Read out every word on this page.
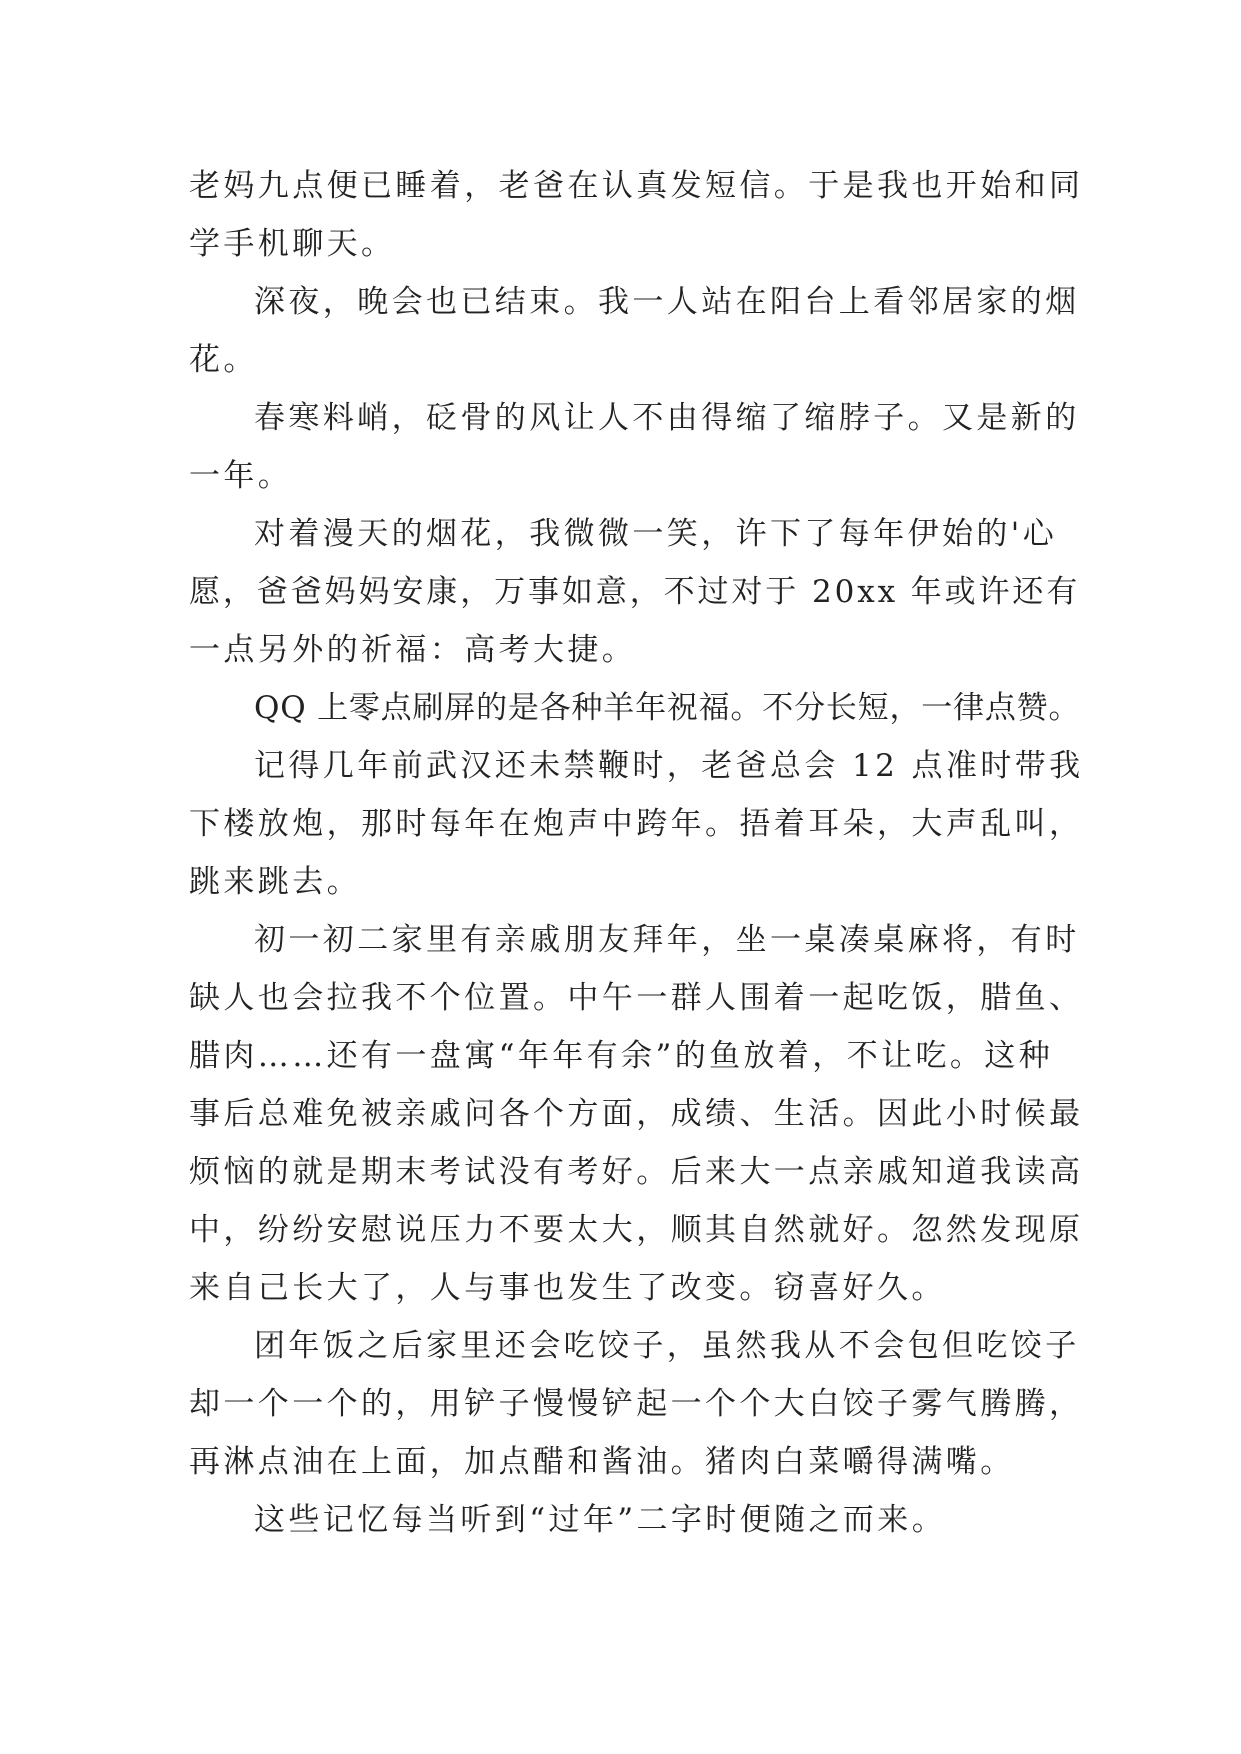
老妈九点便已睡着，老爸在认真发短信。于是我也开始和同

学手机聊天。

深夜，晚会也已结束。我一人站在阳台上看邻居家的烟

花。

春寒料峭，砭骨的风让人不由得缩了缩脖子。又是新的

一年。

对着漫天的烟花，我微微一笑，许下了每年伊始的'心

愿，爸爸妈妈安康，万事如意，不过对于 20xx 年或许还有

一点另外的祈福：高考大捷。

QQ 上零点刷屏的是各种羊年祝福。不分长短，一律点赞。

记得几年前武汉还未禁鞭时，老爸总会 12 点准时带我

下楼放炮，那时每年在炮声中跨年。捂着耳朵，大声乱叫，

跳来跳去。

初一初二家里有亲戚朋友拜年，坐一桌凑桌麻将，有时

缺人也会拉我不个位置。中午一群人围着一起吃饭，腊鱼、

腊肉……还有一盘寓“年年有余”的鱼放着，不让吃。这种

事后总难免被亲戚问各个方面，成绩、生活。因此小时候最

烦恼的就是期末考试没有考好。后来大一点亲戚知道我读高

中，纷纷安慰说压力不要太大，顺其自然就好。忽然发现原

来自己长大了，人与事也发生了改变。窃喜好久。

团年饭之后家里还会吃饺子，虽然我从不会包但吃饺子

却一个一个的，用铲子慢慢铲起一个个大白饺子雾气腾腾，

再淋点油在上面，加点醋和酱油。猪肉白菜嚼得满嘴。

这些记忆每当听到“过年”二字时便随之而来。
